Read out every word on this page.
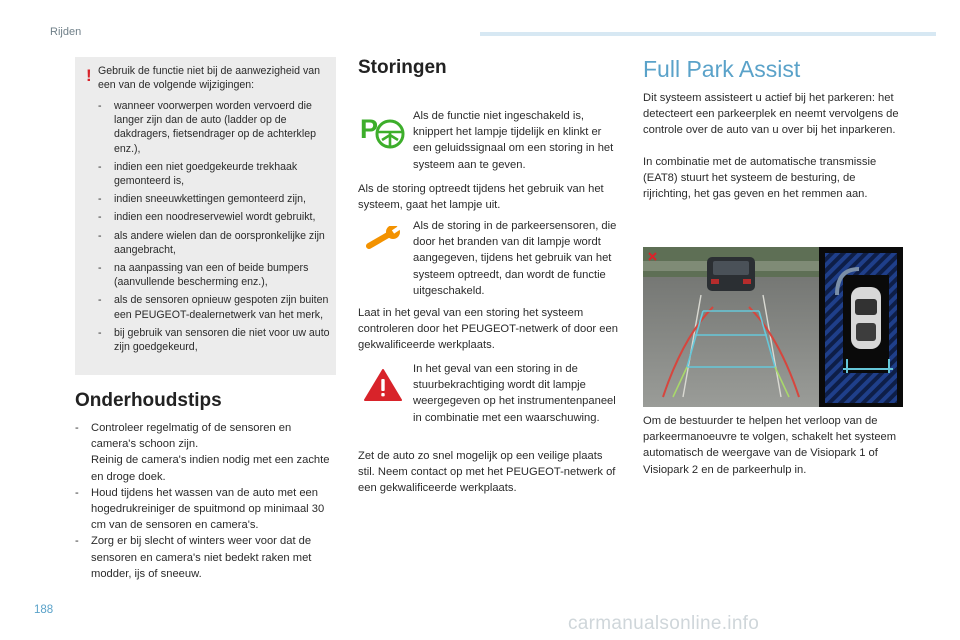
Rijden
! Gebruik de functie niet bij de aanwezigheid van een van de volgende wijzigingen:
- wanneer voorwerpen worden vervoerd die langer zijn dan de auto (ladder op de dakdragers, fietsendrager op de achterklep enz.),
- indien een niet goedgekeurde trekhaak gemonteerd is,
- indien sneeuwkettingen gemonteerd zijn,
- indien een noodreservewiel wordt gebruikt,
- als andere wielen dan de oorspronkelijke zijn aangebracht,
- na aanpassing van een of beide bumpers (aanvullende bescherming enz.),
- als de sensoren opnieuw gespoten zijn buiten een PEUGEOT-dealernetwerk van het merk,
- bij gebruik van sensoren die niet voor uw auto zijn goedgekeurd,
Onderhoudstips
- Controleer regelmatig of de sensoren en camera's schoon zijn.
Reinig de camera's indien nodig met een zachte en droge doek.
- Houd tijdens het wassen van de auto met een hogedrukreiniger de spuitmond op minimaal 30 cm van de sensoren en camera's.
- Zorg er bij slecht of winters weer voor dat de sensoren en camera's niet bedekt raken met modder, ijs of sneeuw.
Storingen
P	Als de functie niet ingeschakeld is, knippert het lampje tijdelijk en klinkt er een geluidssignaal om een storing in het systeem aan te geven.
Als de storing optreedt tijdens het gebruik van het systeem, gaat het lampje uit.
Als de storing in de parkeersensoren, die door het branden van dit lampje wordt aangegeven, tijdens het gebruik van het systeem optreedt, dan wordt de functie uitgeschakeld.
Laat in het geval van een storing het systeem controleren door het PEUGEOT-netwerk of door een gekwalificeerde werkplaats.
In het geval van een storing in de stuurbekrachtiging wordt dit lampje weergegeven op het instrumentenpaneel in combinatie met een waarschuwing.
Zet de auto zo snel mogelijk op een veilige plaats stil. Neem contact op met het PEUGEOT-netwerk of een gekwalificeerde werkplaats.
Full Park Assist
Dit systeem assisteert u actief bij het parkeren: het detecteert een parkeerplek en neemt vervolgens de controle over de auto van u over bij het inparkeren.
In combinatie met de automatische transmissie (EAT8) stuurt het systeem de besturing, de rijrichting, het gas geven en het remmen aan.
Om de bestuurder te helpen het verloop van de parkeermanoeuvre te volgen, schakelt het systeem automatisch de weergave van de Visiopark 1 of Visiopark 2 en de parkeerhulp in.
188
carmanualsonline.info
